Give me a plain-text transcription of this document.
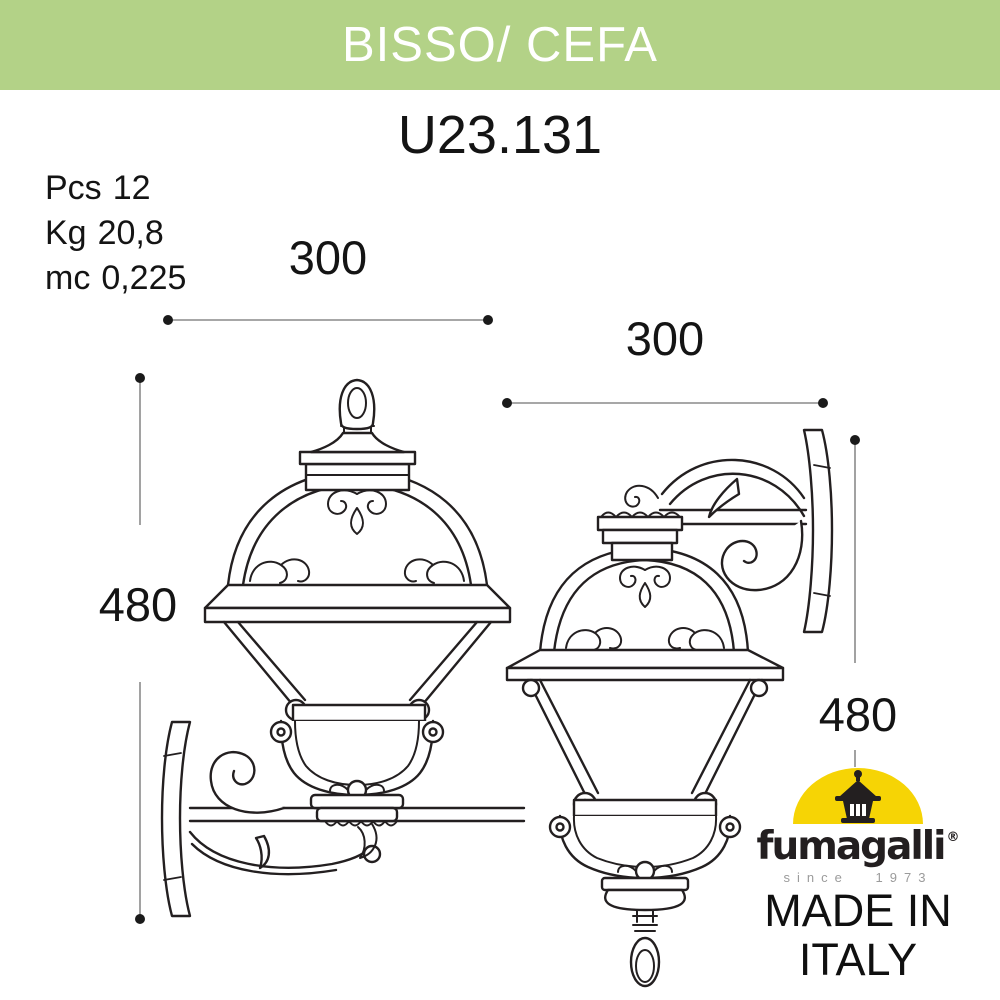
BISSO/ CEFA
U23.131
Pcs 12
Kg 20,8
mc 0,225	300
300
480
480
fumagalli ®
since 1973
MADE IN
ITALY
